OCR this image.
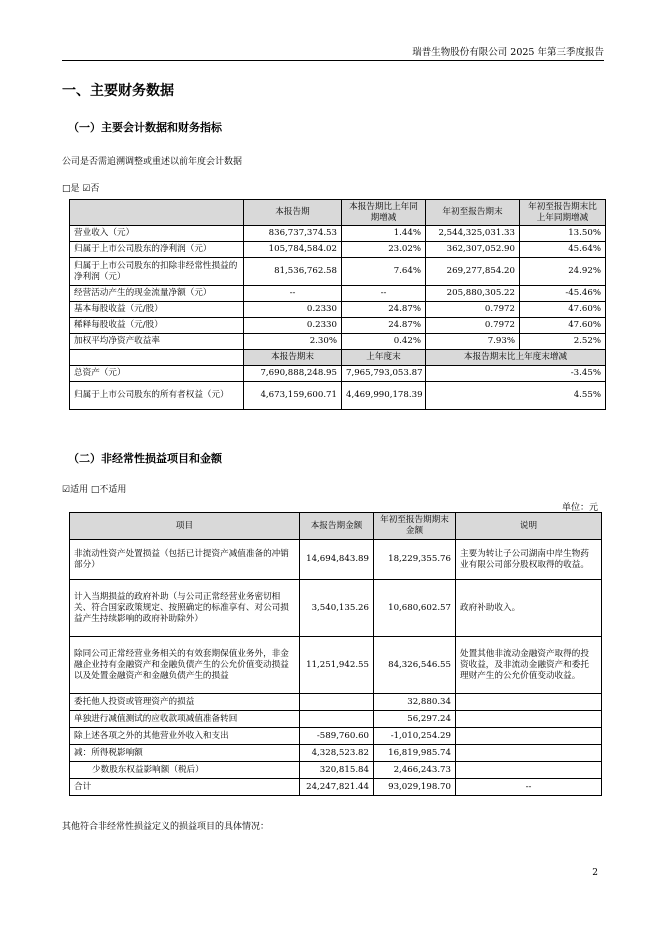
瑞普生物股份有限公司 2025 年第三季度报告
一、主要财务数据
（一）主要会计数据和财务指标
公司是否需追溯调整或重述以前年度会计数据
□是 ☑否
	本报告期	本报告期比上年同期增减	年初至报告期末	年初至报告期末比上年同期增减
营业收入（元）	836,737,374.53	1.44%	2,544,325,031.33	13.50%
归属于上市公司股东的净利润（元）	105,784,584.02	23.02%	362,307,052.90	45.64%
归属于上市公司股东的扣除非经常性损益的净利润（元）	81,536,762.58	7.64%	269,277,854.20	24.92%
经营活动产生的现金流量净额（元）	--	--	205,880,305.22	-45.46%
基本每股收益（元/股）	0.2330	24.87%	0.7972	47.60%
稀释每股收益（元/股）	0.2330	24.87%	0.7972	47.60%
加权平均净资产收益率	2.30%	0.42%	7.93%	2.52%
	本报告期末	上年度末	本报告期末比上年度末增减	
总资产（元）	7,690,888,248.95	7,965,793,053.87	-3.45%	
归属于上市公司股东的所有者权益（元）	4,673,159,600.71	4,469,990,178.39	4.55%	
（二）非经常性损益项目和金额
☑适用 □不适用
单位：元
项目	本报告期金额	年初至报告期期末金额	说明
非流动性资产处置损益（包括已计提资产减值准备的冲销部分）	14,694,843.89	18,229,355.76	主要为转让子公司湖南中岸生物药业有限公司部分股权取得的收益。
计入当期损益的政府补助（与公司正常经营业务密切相关、符合国家政策规定、按照确定的标准享有、对公司损益产生持续影响的政府补助除外）	3,540,135.26	10,680,602.57	政府补助收入。
除同公司正常经营业务相关的有效套期保值业务外，非金融企业持有金融资产和金融负债产生的公允价值变动损益以及处置金融资产和金融负债产生的损益	11,251,942.55	84,326,546.55	处置其他非流动金融资产取得的投资收益，及非流动金融资产和委托理财产生的公允价值变动收益。
委托他人投资或管理资产的损益		32,880.34	
单独进行减值测试的应收款项减值准备转回		56,297.24	
除上述各项之外的其他营业外收入和支出	-589,760.60	-1,010,254.29	
减：所得税影响额	4,328,523.82	16,819,985.74	
少数股东权益影响额（税后）	320,815.84	2,466,243.73	
合计	24,247,821.44	93,029,198.70	--
其他符合非经常性损益定义的损益项目的具体情况：
2
